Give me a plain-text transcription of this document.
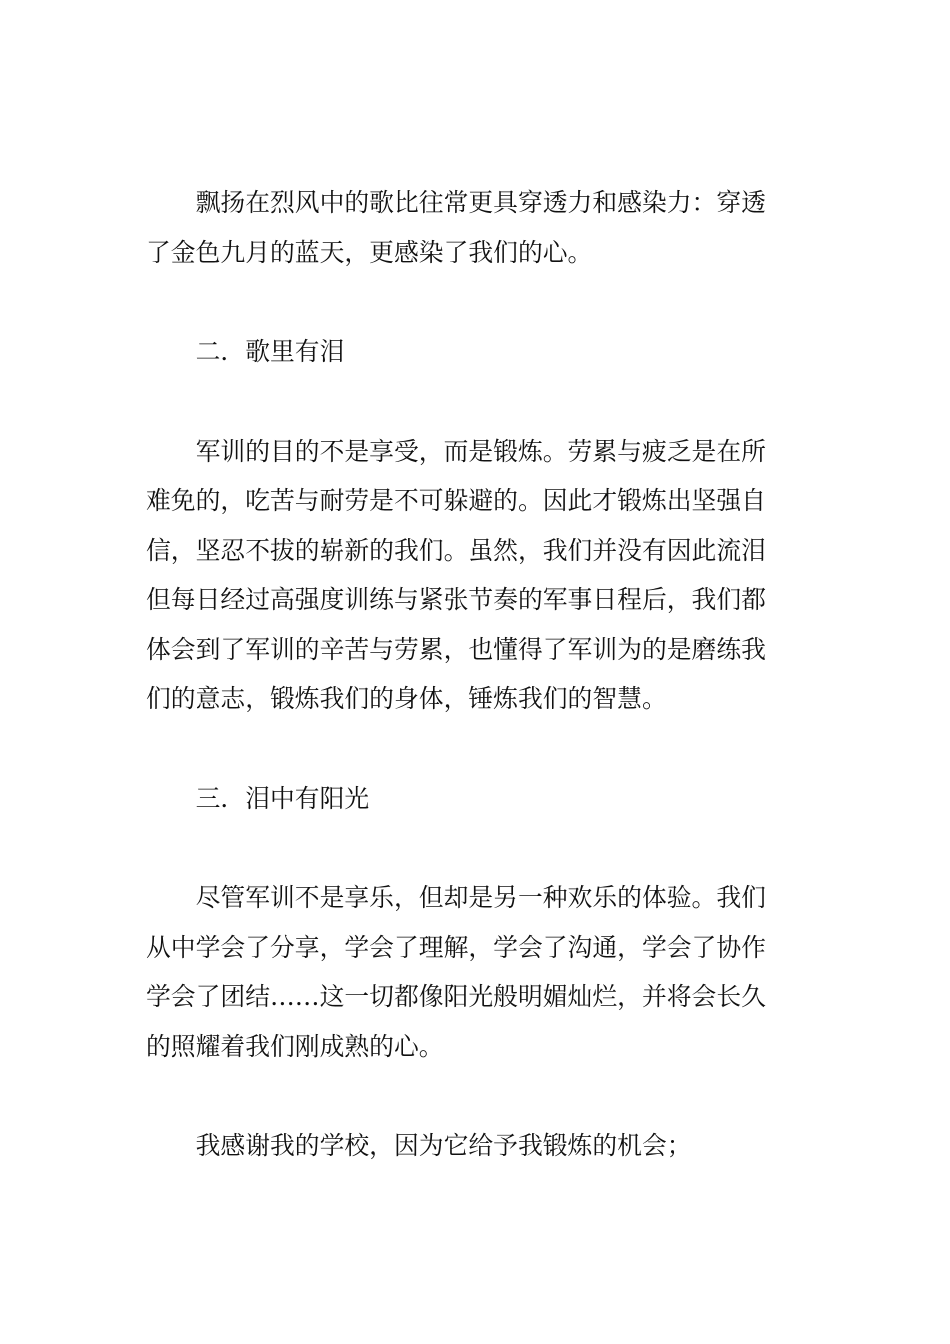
飘扬在烈风中的歌比往常更具穿透力和感染力：穿透
了金色九月的蓝天，更感染了我们的心。

二．歌里有泪

军训的目的不是享受，而是锻炼。劳累与疲乏是在所
难免的，吃苦与耐劳是不可躲避的。因此才锻炼出坚强自
信，坚忍不拔的崭新的我们。虽然，我们并没有因此流泪
但每日经过高强度训练与紧张节奏的军事日程后，我们都
体会到了军训的辛苦与劳累，也懂得了军训为的是磨练我
们的意志，锻炼我们的身体，锤炼我们的智慧。

三．泪中有阳光

尽管军训不是享乐，但却是另一种欢乐的体验。我们
从中学会了分享，学会了理解，学会了沟通，学会了协作
学会了团结……这一切都像阳光般明媚灿烂，并将会长久
的照耀着我们刚成熟的心。

我感谢我的学校，因为它给予我锻炼的机会；
